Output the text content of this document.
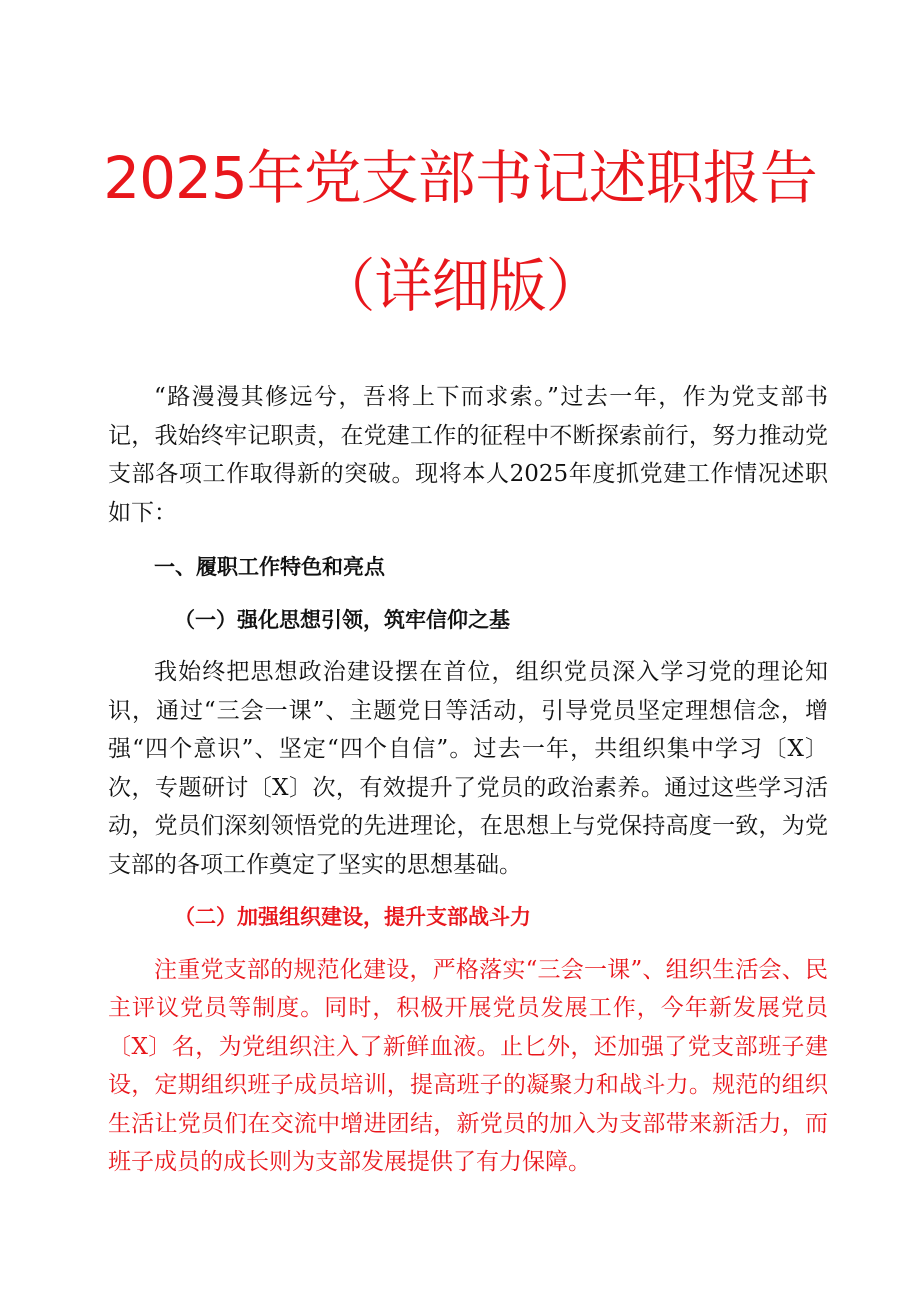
2025年党支部书记述职报告
（详细版）

“路漫漫其修远兮，吾将上下而求索。”过去一年，作为党支部书记，我始终牢记职责，在党建工作的征程中不断探索前行，努力推动党支部各项工作取得新的突破。现将本人2025年度抓党建工作情况述职如下：

一、履职工作特色和亮点

（一）强化思想引领，筑牢信仰之基

我始终把思想政治建设摆在首位，组织党员深入学习党的理论知识，通过“三会一课”、主题党日等活动，引导党员坚定理想信念，增强“四个意识”、坚定“四个自信”。过去一年，共组织集中学习〔X〕次，专题研讨〔X〕次，有效提升了党员的政治素养。通过这些学习活动，党员们深刻领悟党的先进理论，在思想上与党保持高度一致，为党支部的各项工作奠定了坚实的思想基础。

（二）加强组织建设，提升支部战斗力

注重党支部的规范化建设，严格落实“三会一课”、组织生活会、民主评议党员等制度。同时，积极开展党员发展工作，今年新发展党员〔X〕名，为党组织注入了新鲜血液。止匕外，还加强了党支部班子建设，定期组织班子成员培训，提高班子的凝聚力和战斗力。规范的组织生活让党员们在交流中增进团结，新党员的加入为支部带来新活力，而班子成员的成长则为支部发展提供了有力保障。
